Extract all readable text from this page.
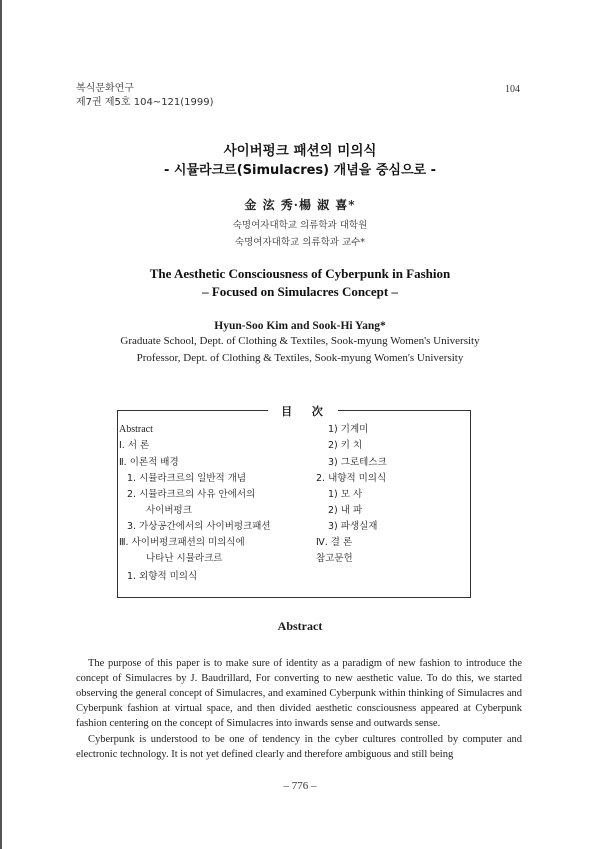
복식문화연구
제7권 제5호 104~121(1999)
104
사이버펑크 패션의 미의식
- 시뮬라크르(Simulacres) 개념을 중심으로 -
金 泫 秀·楊 淑 喜*
숙명여자대학교 의류학과 대학원
숙명여자대학교 의류학과 교수*
The Aesthetic Consciousness of Cyberpunk in Fashion
– Focused on Simulacres Concept –
Hyun-Soo Kim and Sook-Hi Yang*
Graduate School, Dept. of Clothing & Textiles, Sook-myung Women's University
Professor, Dept. of Clothing & Textiles, Sook-myung Women's University
目 次
Abstract
Ⅰ. 서 론
Ⅱ. 이론적 배경
1. 시뮬라크르의 일반적 개념
2. 시뮬라크르의 사유 안에서의
사이버펑크
3. 가상공간에서의 사이버펑크패션
Ⅲ. 사이버펑크패션의 미의식에
나타난 시뮬라크르
1. 외향적 미의식
1) 기계미
2) 키 치
3) 그로테스크
2. 내향적 미의식
1) 모 사
2) 내 파
3) 파생실재
Ⅳ. 결 론
참고문헌
Abstract

The purpose of this paper is to make sure of identity as a paradigm of new fashion to introduce the concept of Simulacres by J. Baudrillard, For converting to new aesthetic value. To do this, we started observing the general concept of Simulacres, and examined Cyberpunk within thinking of Simulacres and Cyberpunk fashion at virtual space, and then divided aesthetic consciousness appeared at Cyberpunk fashion centering on the concept of Simulacres into inwards sense and outwards sense.

Cyberpunk is understood to be one of tendency in the cyber cultures controlled by computer and electronic technology. It is not yet defined clearly and therefore ambiguous and still being

– 776 –
